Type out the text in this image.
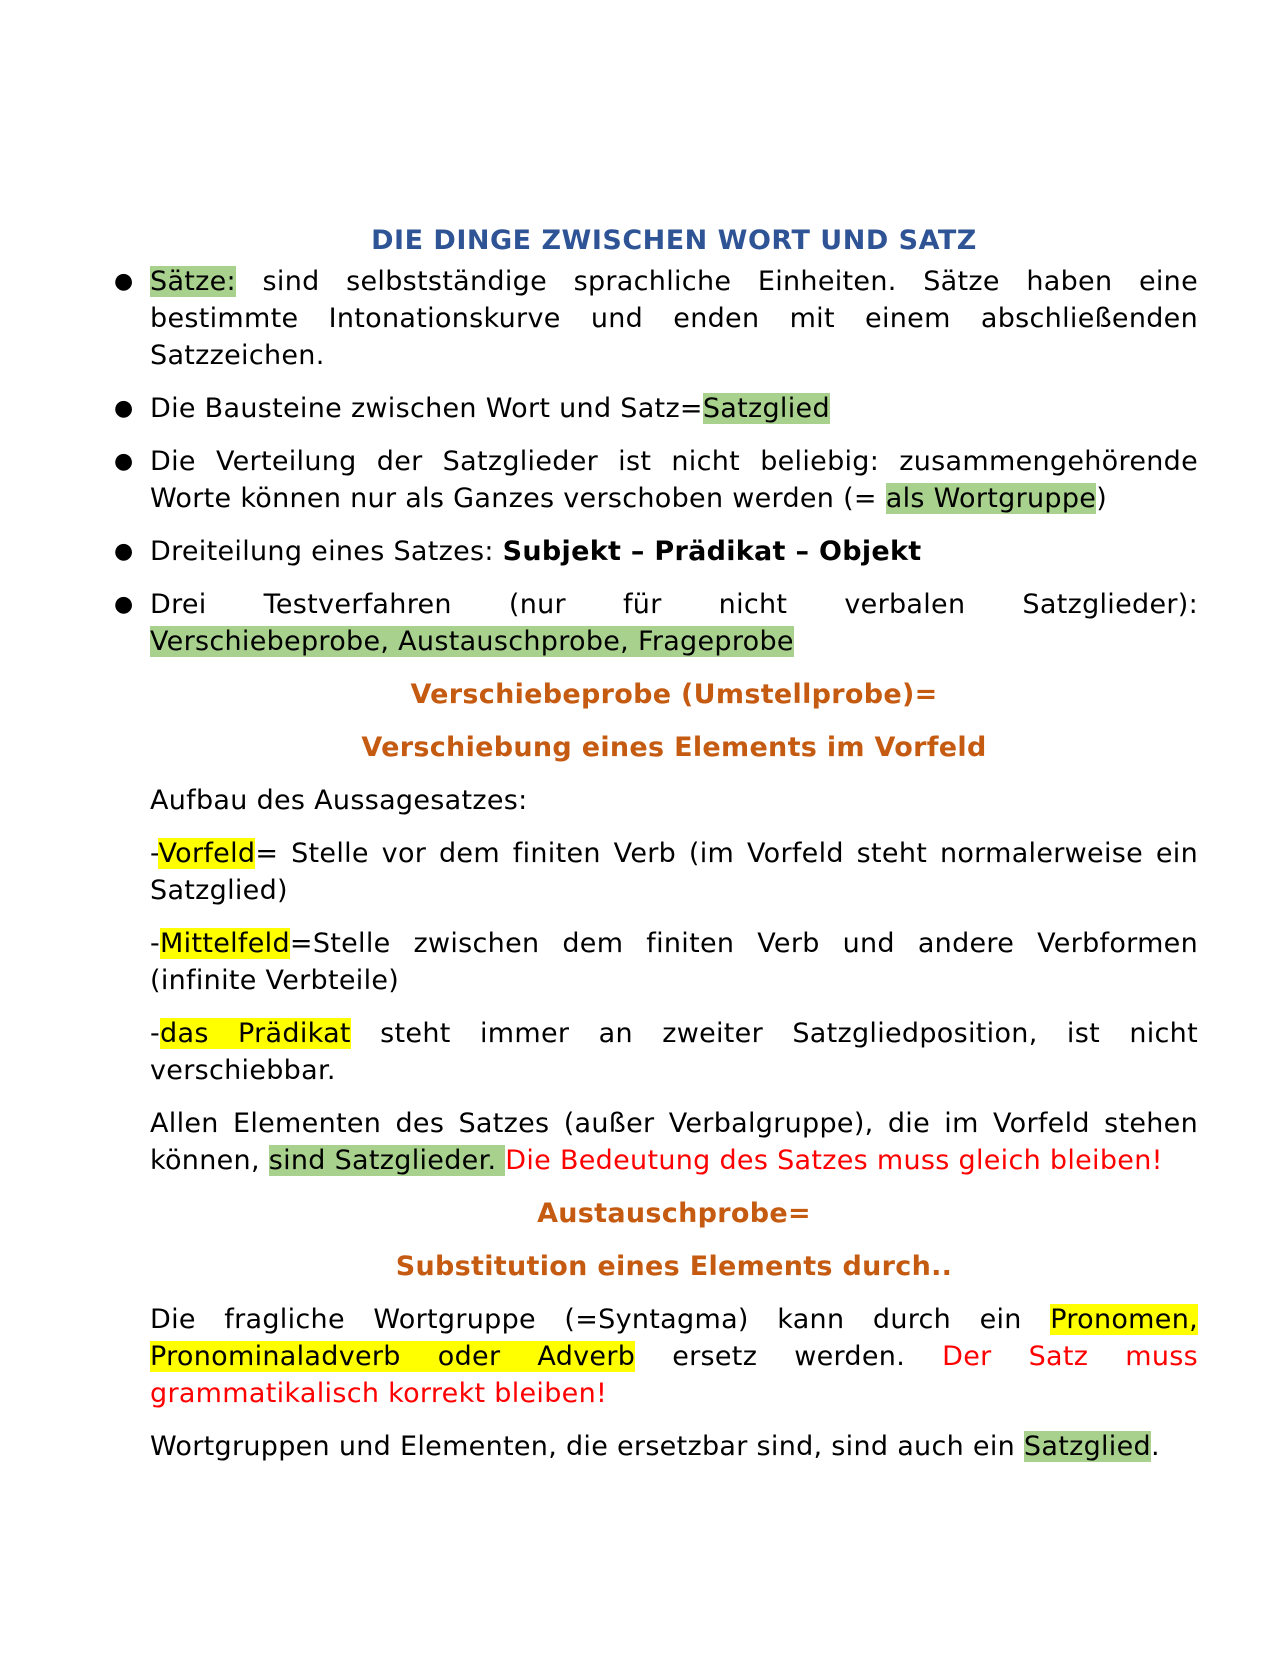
DIE DINGE ZWISCHEN WORT UND SATZ
● Sätze: sind selbstständige sprachliche Einheiten. Sätze haben eine bestimmte Intonationskurve und enden mit einem abschließenden Satzzeichen.
● Die Bausteine zwischen Wort und Satz=Satzglied
● Die Verteilung der Satzglieder ist nicht beliebig: zusammengehörende Worte können nur als Ganzes verschoben werden (= als Wortgruppe)
● Dreiteilung eines Satzes: Subjekt – Prädikat – Objekt
● Drei Testverfahren (nur für nicht verbalen Satzglieder):
Verschiebeprobe, Austauschprobe, Frageprobe
Verschiebeprobe (Umstellprobe)=
Verschiebung eines Elements im Vorfeld
Aufbau des Aussagesatzes:
-Vorfeld= Stelle vor dem finiten Verb (im Vorfeld steht normalerweise ein Satzglied)
-Mittelfeld=Stelle zwischen dem finiten Verb und andere Verbformen (infinite Verbteile)
-das Prädikat steht immer an zweiter Satzgliedposition, ist nicht verschiebbar.
Allen Elementen des Satzes (außer Verbalgruppe), die im Vorfeld stehen können, sind Satzglieder. Die Bedeutung des Satzes muss gleich bleiben!
Austauschprobe=
Substitution eines Elements durch..
Die fragliche Wortgruppe (=Syntagma) kann durch ein Pronomen, Pronominaladverb oder Adverb ersetz werden. Der Satz muss grammatikalisch korrekt bleiben!
Wortgruppen und Elementen, die ersetzbar sind, sind auch ein Satzglied.
